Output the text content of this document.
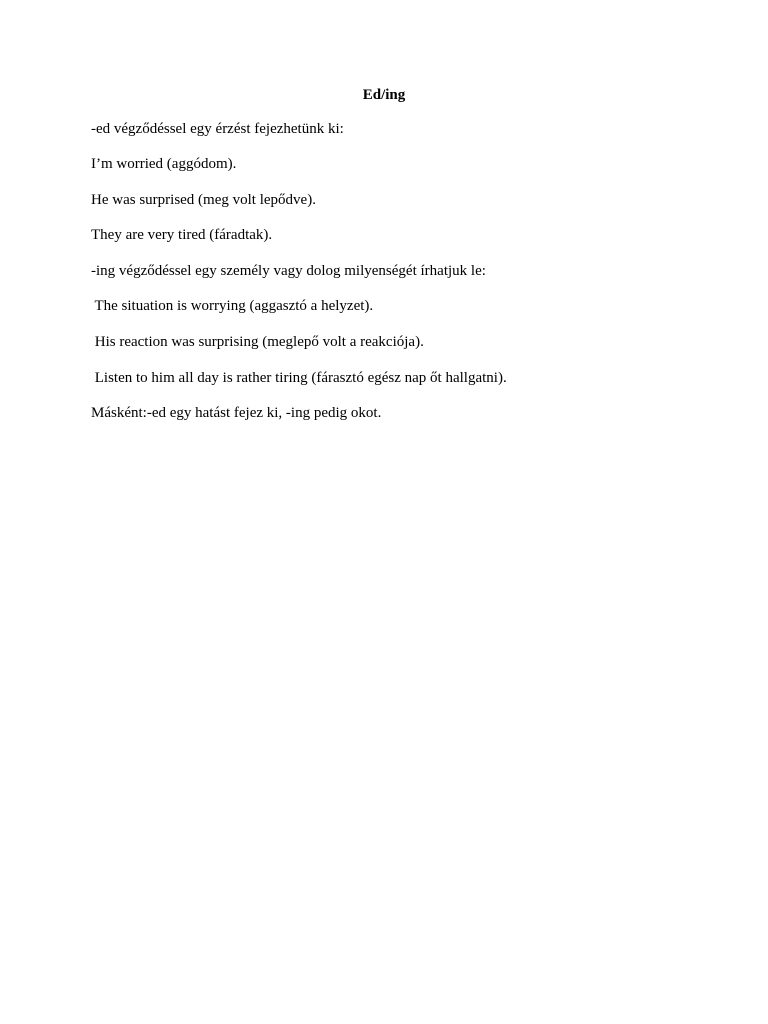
Ed/ing
-ed végződéssel egy érzést fejezhetünk ki:
I’m worried (aggódom).
He was surprised (meg volt lepődve).
They are very tired (fáradtak).
-ing végződéssel egy személy vagy dolog milyenségét írhatjuk le:
The situation is worrying (aggasztó a helyzet).
His reaction was surprising (meglepő volt a reakciója).
Listen to him all day is rather tiring (fárasztó egész nap őt hallgatni).
Másként:-ed egy hatást fejez ki, -ing pedig okot.
